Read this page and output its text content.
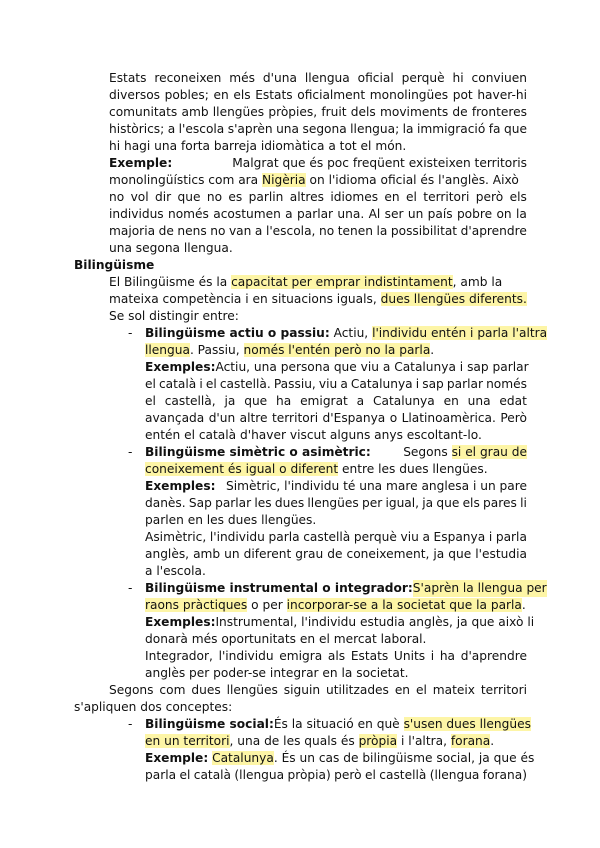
Estats reconeixen més d'una llengua oficial perquè hi conviuen
diversos pobles; en els Estats oficialment monolingües pot haver-hi
comunitats amb llengües pròpies, fruit dels moviments de fronteres
històrics; a l'escola s'aprèn una segona llengua; la immigració fa que
hi hagi una forta barreja idiomàtica a tot el món.
Exemple:	Malgrat que és poc freqüent existeixen territoris
monolingüístics com ara Nigèria on l'idioma oficial és l'anglès. Això
no vol dir que no es parlin altres idiomes en el territori però els
individus només acostumen a parlar una. Al ser un país pobre on la
majoria de nens no van a l'escola, no tenen la possibilitat d'aprendre
una segona llengua.
Bilingüisme
El Bilingüisme és la capacitat per emprar indistintament, amb la
mateixa competència i en situacions iguals, dues llengües diferents.
Se sol distingir entre:
- Bilingüisme actiu o passiu: Actiu, l'individu entén i parla l'altra
llengua. Passiu, només l'entén però no la parla.
Exemples: Actiu, una persona que viu a Catalunya i sap parlar
el català i el castellà. Passiu, viu a Catalunya i sap parlar només
el castellà, ja que ha emigrat a Catalunya en una edat
avançada d'un altre territori d'Espanya o Llatinoamèrica. Però
entén el català d'haver viscut alguns anys escoltant-lo.
- Bilingüisme simètric o asimètric:	Segons si el grau de
coneixement és igual o diferent entre les dues llengües.
Exemples: Simètric, l'individu té una mare anglesa i un pare
danès. Sap parlar les dues llengües per igual, ja que els pares li
parlen en les dues llengües.
Asimètric, l'individu parla castellà perquè viu a Espanya i parla
anglès, amb un diferent grau de coneixement, ja que l'estudia
a l'escola.
- Bilingüisme instrumental o integrador: S'aprèn la llengua per
raons pràctiques o per incorporar-se a la societat que la parla.
Exemples: Instrumental, l'individu estudia anglès, ja que això li
donarà més oportunitats en el mercat laboral.
Integrador, l'individu emigra als Estats Units i ha d'aprendre
anglès per poder-se integrar en la societat.
Segons com dues llengües siguin utilitzades en el mateix territori
s'apliquen dos conceptes:
- Bilingüisme social: És la situació en què s'usen dues llengües
en un territori, una de les quals és pròpia i l'altra, forana.
Exemple: Catalunya. És un cas de bilingüisme social, ja que és
parla el català (llengua pròpia) però el castellà (llengua forana)
